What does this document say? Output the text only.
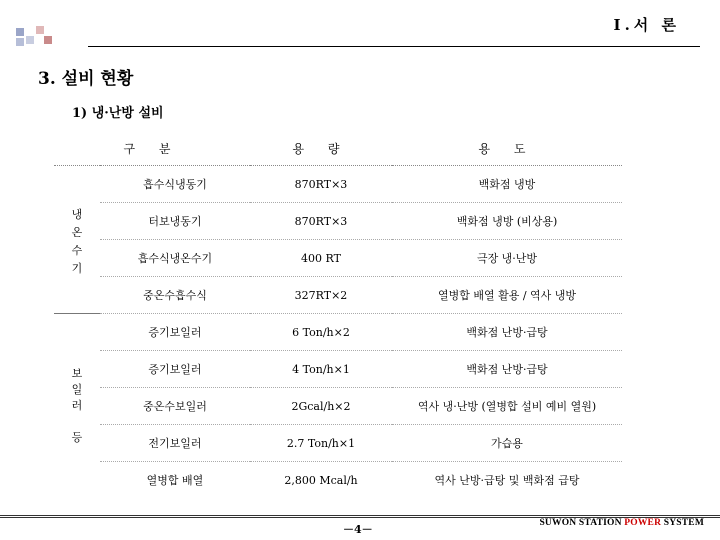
I.서 론
3. 설비 현황
1) 냉·난방 설비
구 분		용 량	용 도
냉
온
수
기	흡수식냉동기	870RT×3	백화점 냉방
	터보냉동기	870RT×3	백화점 냉방 (비상용)
	흡수식냉온수기	400 RT	극장 냉·난방
	중온수흡수식	327RT×2	열병합 배열 활용 / 역사 냉방
보
일
러

등	증기보일러	6 Ton/h×2	백화점 난방·급탕
	증기보일러	4 Ton/h×1	백화점 난방·급탕
	중온수보일러	2Gcal/h×2	역사 냉·난방 (열병합 설비 예비 열원)
	전기보일러	2.7 Ton/h×1	가습용
	열병합 배열	2,800 Mcal/h	역사 난방·급탕 및 백화점 급탕
－4－	SUWON STATION POWER SYSTEM
